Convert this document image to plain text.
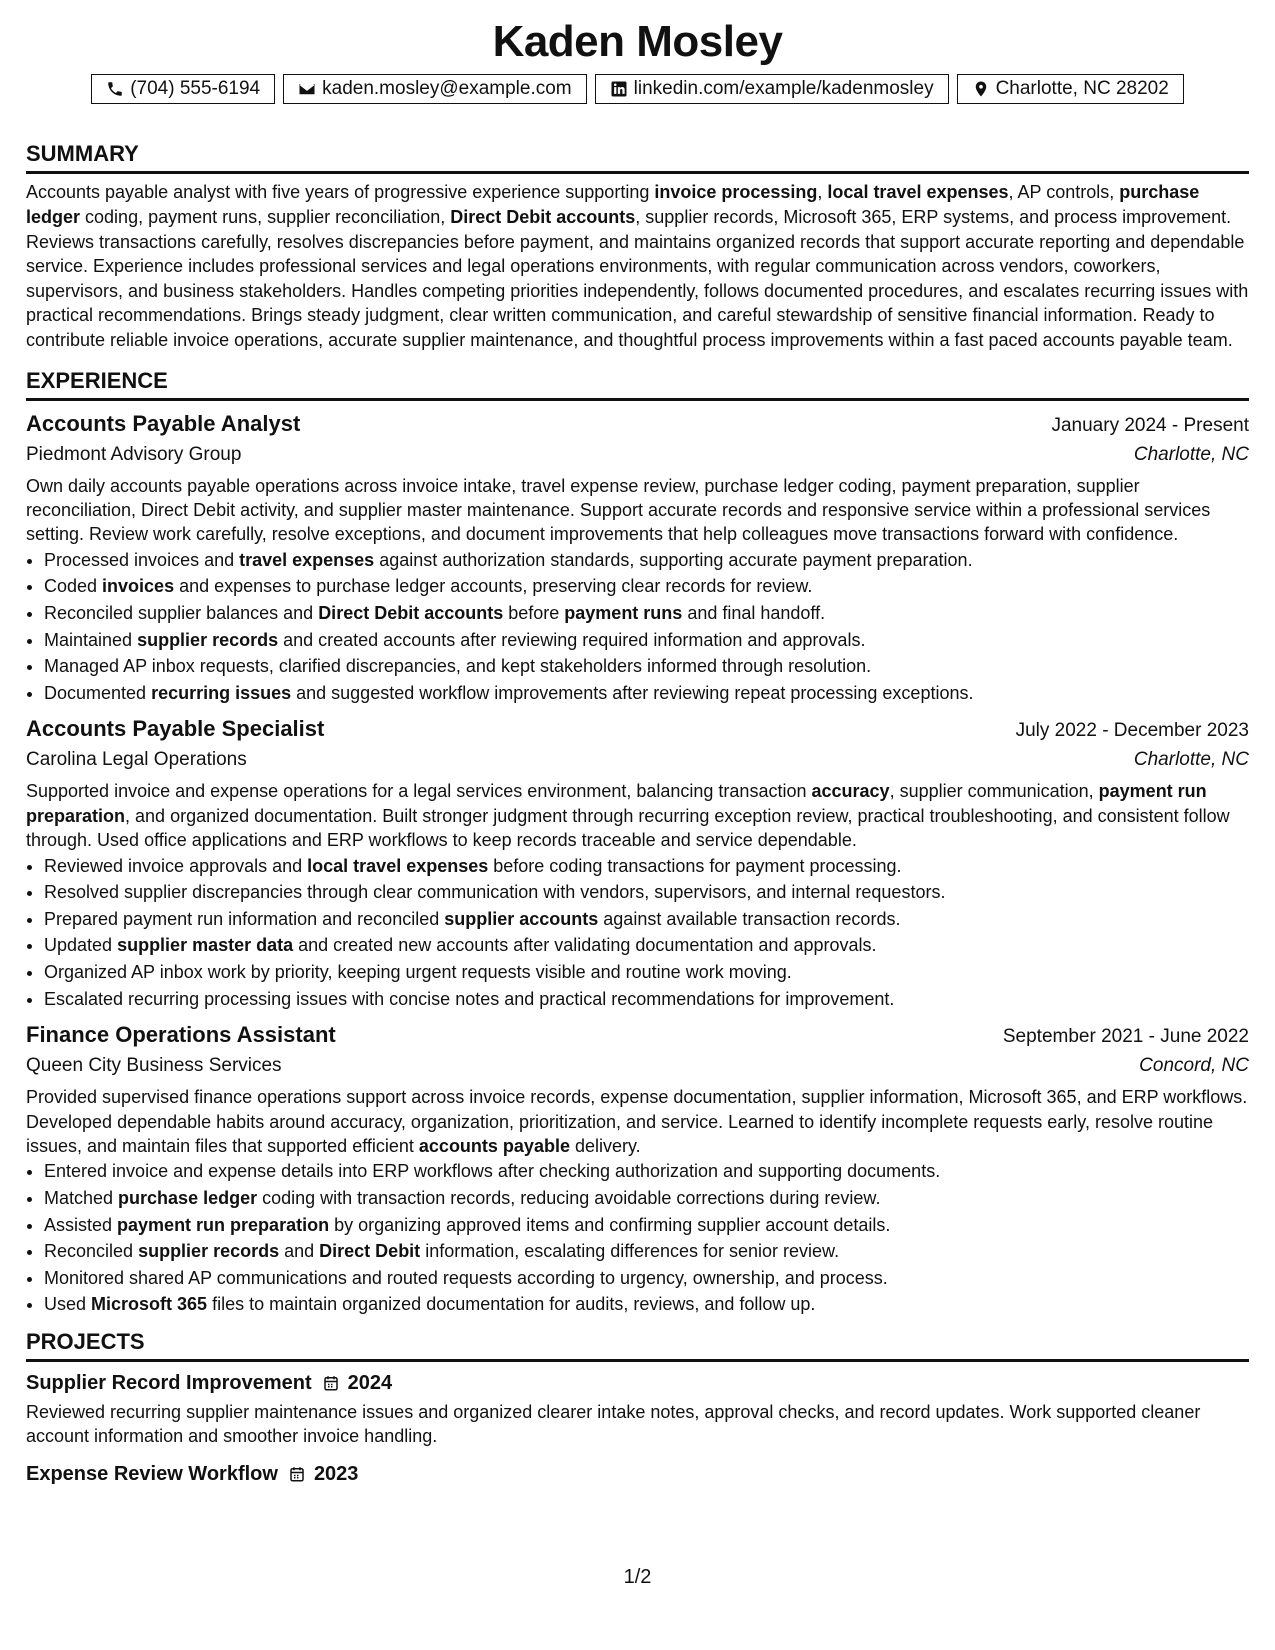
Kaden Mosley
(704) 555-6194	kaden.mosley@example.com	linkedin.com/example/kadenmosley	Charlotte, NC 28202
SUMMARY

Accounts payable analyst with five years of progressive experience supporting invoice processing, local travel expenses, AP controls, purchase ledger coding, payment runs, supplier reconciliation, Direct Debit accounts, supplier records, Microsoft 365, ERP systems, and process improvement. Reviews transactions carefully, resolves discrepancies before payment, and maintains organized records that support accurate reporting and dependable service. Experience includes professional services and legal operations environments, with regular communication across vendors, coworkers, supervisors, and business stakeholders. Handles competing priorities independently, follows documented procedures, and escalates recurring issues with practical recommendations. Brings steady judgment, clear written communication, and careful stewardship of sensitive financial information. Ready to contribute reliable invoice operations, accurate supplier maintenance, and thoughtful process improvements within a fast paced accounts payable team.

EXPERIENCE
Accounts Payable Analyst	January 2024 - Present
Piedmont Advisory Group	Charlotte, NC

Own daily accounts payable operations across invoice intake, travel expense review, purchase ledger coding, payment preparation, supplier reconciliation, Direct Debit activity, and supplier master maintenance. Support accurate records and responsive service within a professional services setting. Review work carefully, resolve exceptions, and document improvements that help colleagues move transactions forward with confidence.

• Processed invoices and travel expenses against authorization standards, supporting accurate payment preparation.
• Coded invoices and expenses to purchase ledger accounts, preserving clear records for review.
• Reconciled supplier balances and Direct Debit accounts before payment runs and final handoff.
• Maintained supplier records and created accounts after reviewing required information and approvals.
• Managed AP inbox requests, clarified discrepancies, and kept stakeholders informed through resolution.
• Documented recurring issues and suggested workflow improvements after reviewing repeat processing exceptions.
Accounts Payable Specialist	July 2022 - December 2023
Carolina Legal Operations	Charlotte, NC

Supported invoice and expense operations for a legal services environment, balancing transaction accuracy, supplier communication, payment run preparation, and organized documentation. Built stronger judgment through recurring exception review, practical troubleshooting, and consistent follow through. Used office applications and ERP workflows to keep records traceable and service dependable.

• Reviewed invoice approvals and local travel expenses before coding transactions for payment processing.
• Resolved supplier discrepancies through clear communication with vendors, supervisors, and internal requestors.
• Prepared payment run information and reconciled supplier accounts against available transaction records.
• Updated supplier master data and created new accounts after validating documentation and approvals.
• Organized AP inbox work by priority, keeping urgent requests visible and routine work moving.
• Escalated recurring processing issues with concise notes and practical recommendations for improvement.
Finance Operations Assistant	September 2021 - June 2022
Queen City Business Services	Concord, NC

Provided supervised finance operations support across invoice records, expense documentation, supplier information, Microsoft 365, and ERP workflows. Developed dependable habits around accuracy, organization, prioritization, and service. Learned to identify incomplete requests early, resolve routine issues, and maintain files that supported efficient accounts payable delivery.

• Entered invoice and expense details into ERP workflows after checking authorization and supporting documents.
• Matched purchase ledger coding with transaction records, reducing avoidable corrections during review.
• Assisted payment run preparation by organizing approved items and confirming supplier account details.
• Reconciled supplier records and Direct Debit information, escalating differences for senior review.
• Monitored shared AP communications and routed requests according to urgency, ownership, and process.
• Used Microsoft 365 files to maintain organized documentation for audits, reviews, and follow up.
PROJECTS
Supplier Record Improvement 2024

Reviewed recurring supplier maintenance issues and organized clearer intake notes, approval checks, and record updates. Work supported cleaner account information and smoother invoice handling.

Expense Review Workflow 2023
1/2
